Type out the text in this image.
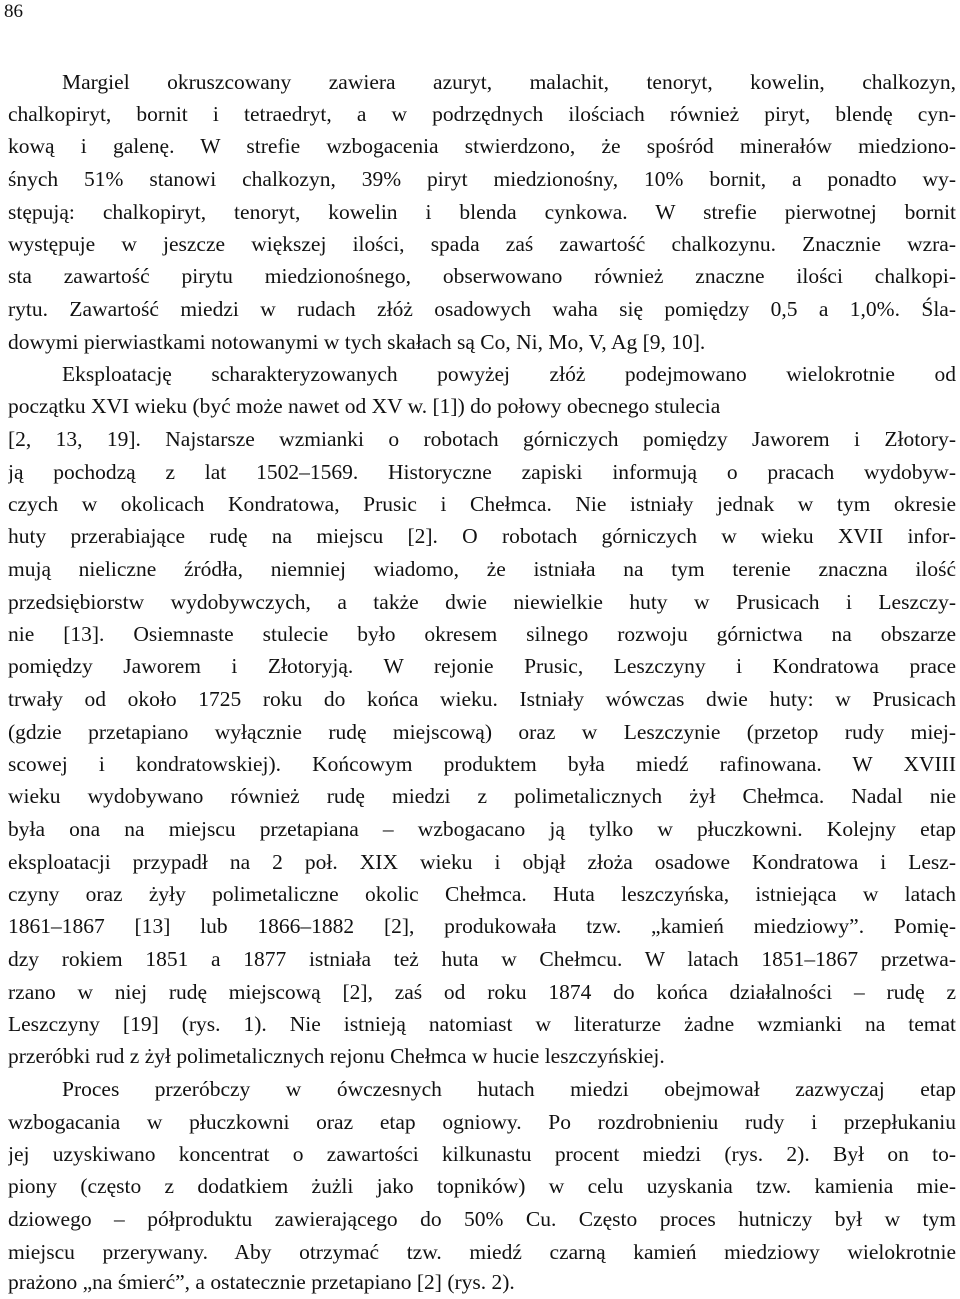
86
Margiel okruszcowany zawiera azuryt, malachit, tenoryt, kowelin, chalkozyn,
chalkopiryt, bornit i tetraedryt, a w podrzędnych ilościach również piryt, blendę cyn-
kową i galenę. W strefie wzbogacenia stwierdzono, że spośród minerałów miedziono-
śnych 51% stanowi chalkozyn, 39% piryt miedzionośny, 10% bornit, a ponadto wy-
stępują: chalkopiryt, tenoryt, kowelin i blenda cynkowa. W strefie pierwotnej bornit
występuje w jeszcze większej ilości, spada zaś zawartość chalkozynu. Znacznie wzra-
sta zawartość pirytu miedzionośnego, obserwowano również znaczne ilości chalkopi-
rytu. Zawartość miedzi w rudach złóż osadowych waha się pomiędzy 0,5 a 1,0%. Śla-
dowymi pierwiastkami notowanymi w tych skałach są Co, Ni, Mo, V, Ag [9, 10].
Eksploatację scharakteryzowanych powyżej złóż podejmowano wielokrotnie od
początku XVI wieku (być może nawet od XV w. [1]) do połowy obecnego stulecia
[2, 13, 19]. Najstarsze wzmianki o robotach górniczych pomiędzy Jaworem i Złotory-
ją pochodzą z lat 1502–1569. Historyczne zapiski informują o pracach wydobyw-
czych w okolicach Kondratowa, Prusic i Chełmca. Nie istniały jednak w tym okresie
huty przerabiające rudę na miejscu [2]. O robotach górniczych w wieku XVII infor-
mują nieliczne źródła, niemniej wiadomo, że istniała na tym terenie znaczna ilość
przedsiębiorstw wydobywczych, a także dwie niewielkie huty w Prusicach i Leszczy-
nie [13]. Osiemnaste stulecie było okresem silnego rozwoju górnictwa na obszarze
pomiędzy Jaworem i Złotoryją. W rejonie Prusic, Leszczyny i Kondratowa prace
trwały od około 1725 roku do końca wieku. Istniały wówczas dwie huty: w Prusicach
(gdzie przetapiano wyłącznie rudę miejscową) oraz w Leszczynie (przetop rudy miej-
scowej i kondratowskiej). Końcowym produktem była miedź rafinowana. W XVIII
wieku wydobywano również rudę miedzi z polimetalicznych żył Chełmca. Nadal nie
była ona na miejscu przetapiana – wzbogacano ją tylko w płuczkowni. Kolejny etap
eksploatacji przypadł na 2 poł. XIX wieku i objął złoża osadowe Kondratowa i Lesz-
czyny oraz żyły polimetaliczne okolic Chełmca. Huta leszczyńska, istniejąca w latach
1861–1867 [13] lub 1866–1882 [2], produkowała tzw. „kamień miedziowy”. Pomię-
dzy rokiem 1851 a 1877 istniała też huta w Chełmcu. W latach 1851–1867 przetwa-
rzano w niej rudę miejscową [2], zaś od roku 1874 do końca działalności – rudę z
Leszczyny [19] (rys. 1). Nie istnieją natomiast w literaturze żadne wzmianki na temat
przeróbki rud z żył polimetalicznych rejonu Chełmca w hucie leszczyńskiej.
Proces przeróbczy w ówczesnych hutach miedzi obejmował zazwyczaj etap
wzbogacania w płuczkowni oraz etap ogniowy. Po rozdrobnieniu rudy i przepłukaniu
jej uzyskiwano koncentrat o zawartości kilkunastu procent miedzi (rys. 2). Był on to-
piony (często z dodatkiem żużli jako topników) w celu uzyskania tzw. kamienia mie-
dziowego – półproduktu zawierającego do 50% Cu. Często proces hutniczy był w tym
miejscu przerywany. Aby otrzymać tzw. miedź czarną kamień miedziowy wielokrotnie
prażono „na śmierć”, a ostatecznie przetapiano [2] (rys. 2).
